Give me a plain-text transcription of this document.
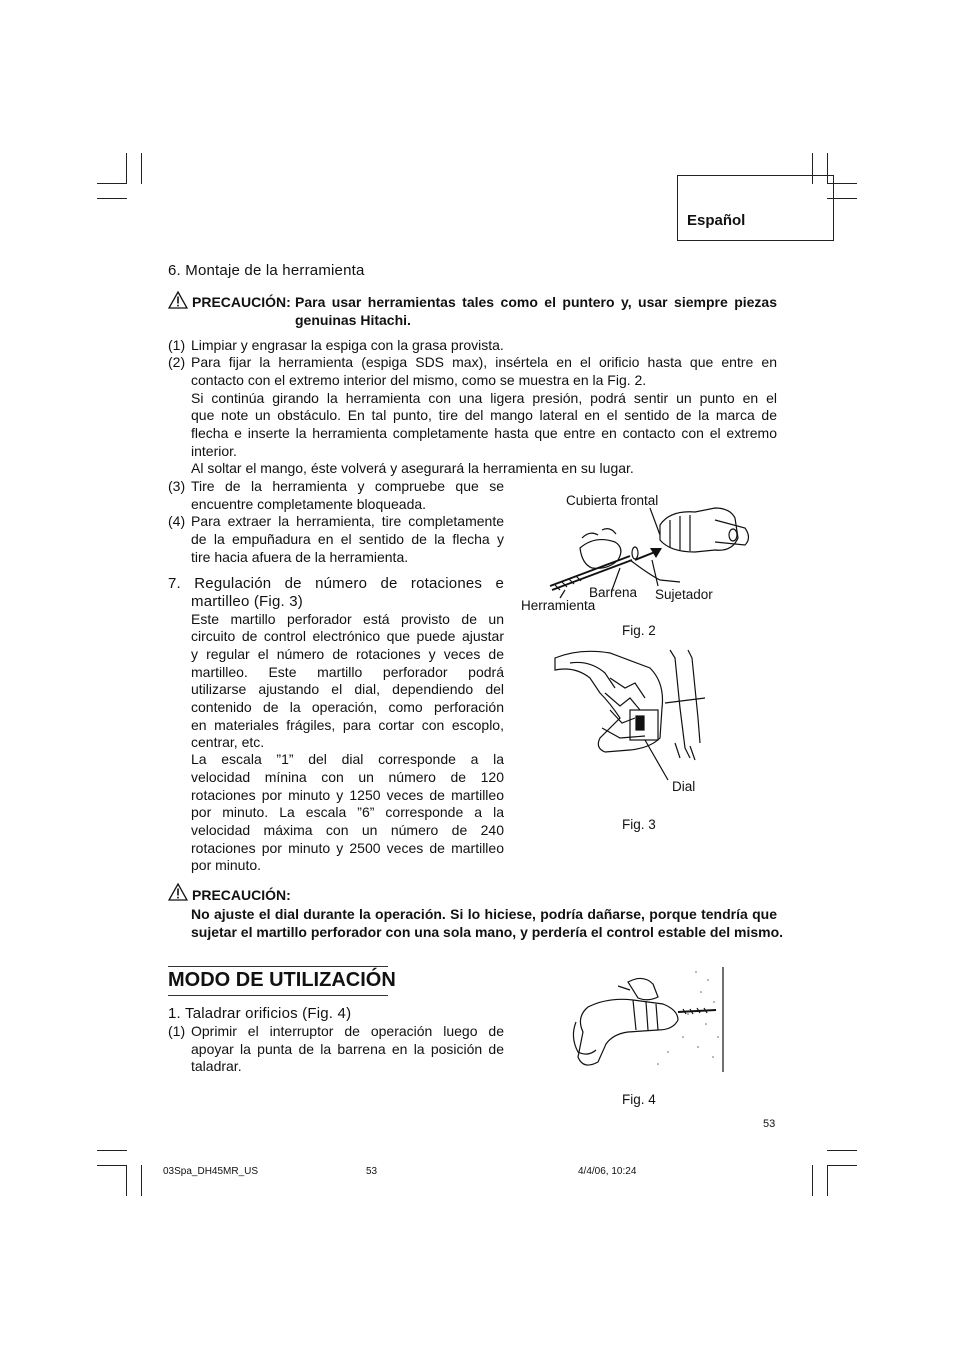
Español
6. Montaje de la herramienta
PRECAUCIÓN: Para usar herramientas tales como el puntero y, usar siempre piezas
genuinas Hitachi.
(1) Limpiar y engrasar la espiga con la grasa provista.
(2) Para fijar la herramienta (espiga SDS max), insértela en el orificio hasta que entre en
contacto con el extremo interior del mismo, como se muestra en la Fig. 2.
Si continúa girando la herramienta con una ligera presión, podrá sentir un punto en el
que note un obstáculo. En tal punto, tire del mango lateral en el sentido de la marca de
flecha e inserte la herramienta completamente hasta que entre en contacto con el extremo
interior.
Al soltar el mango, éste volverá y asegurará la herramienta en su lugar.
(3) Tire de la herramienta y compruebe que se
encuentre completamente bloqueada.
(4) Para extraer la herramienta, tire completamente
de la empuñadura en el sentido de la flecha y
tire hacia afuera de la herramienta.
7. Regulación de número de rotaciones e
martilleo (Fig. 3)
Este martillo perforador está provisto de un
circuito de control electrónico que puede ajustar
y regular el número de rotaciones y veces de
martilleo. Este martillo perforador podrá
utilizarse ajustando el dial, dependiendo del
contenido de la operación, como perforación
en materiales frágiles, para cortar con escoplo,
centrar, etc.
La escala ”1” del dial corresponde a la
velocidad mínina con un número de 120
rotaciones por minuto y 1250 veces de martilleo
por minuto. La escala ”6” corresponde a la
velocidad máxima con un número de 240
rotaciones por minuto y 2500 veces de martilleo
por minuto.
PRECAUCIÓN:
No ajuste el dial durante la operación. Si lo hiciese, podría dañarse, porque tendría que
sujetar el martillo perforador con una sola mano, y perdería el control estable del mismo.
MODO DE UTILIZACIÓN
1. Taladrar orificios (Fig. 4)
(1) Oprimir el interruptor de operación luego de
apoyar la punta de la barrena en la posición de
taladrar.
Cubierta frontal
Barrena Sujetador
Herramienta
Fig. 2
Dial
Fig. 3
Fig. 4
53
03Spa_DH45MR_US	53	4/4/06, 10:24
